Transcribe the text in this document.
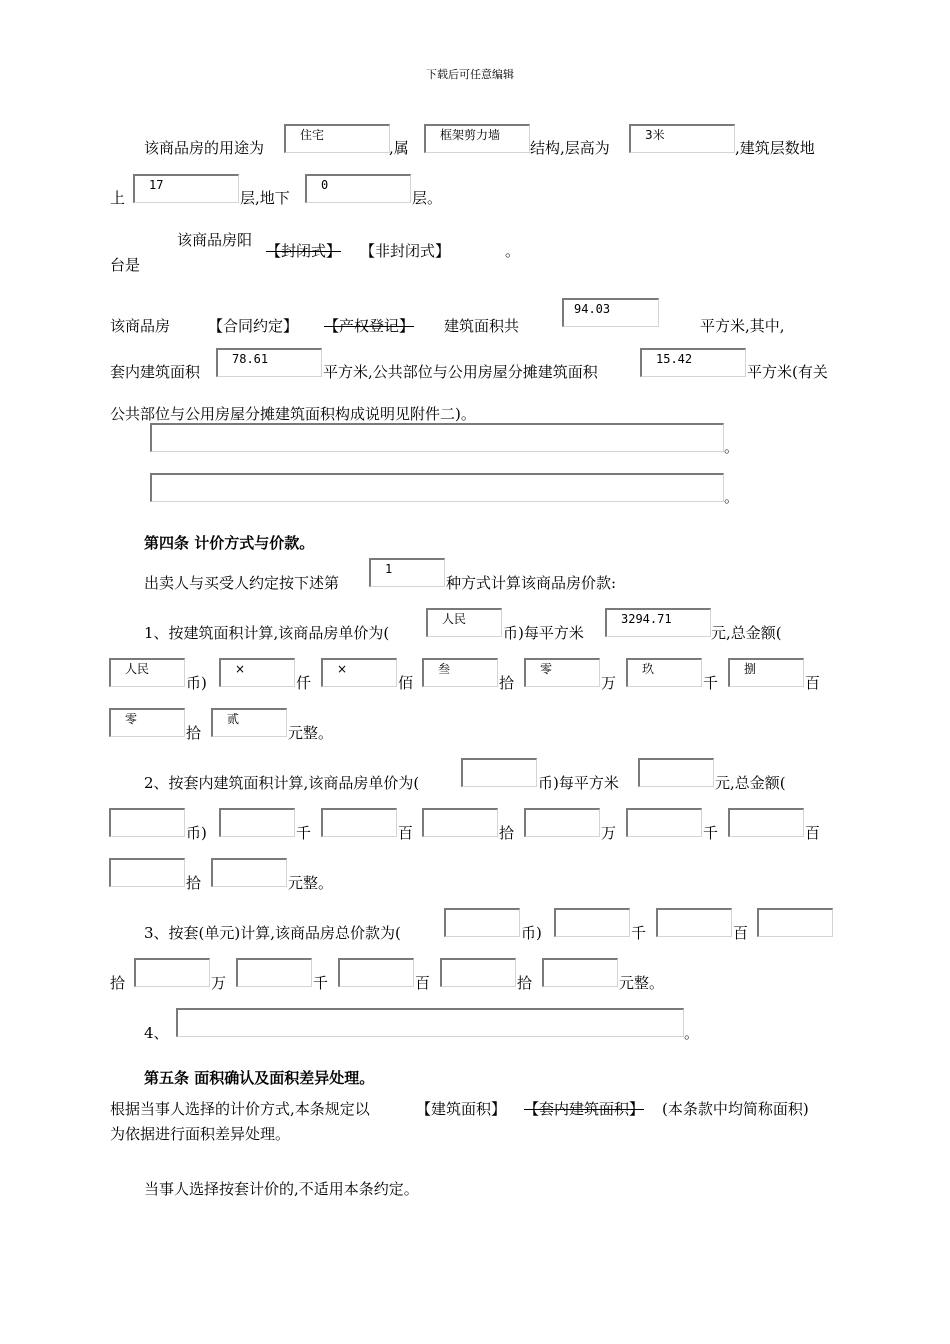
下载后可任意编辑
该商品房的用途为
住宅
,属
框架剪力墙
结构,层高为
3米
,建筑层数地
上
17
层,地下
0
层。
该商品房阳
台是
【封闭式】 【非封闭式】	。
该商品房	【合同约定】 【产权登记】 建筑面积共
94.03
平方米,其中,
套内建筑面积
78.61
平方米,公共部位与公用房屋分摊建筑面积
15.42
平方米(有关
公共部位与公用房屋分摊建筑面积构成说明见附件二)。
。
。
第四条 计价方式与价款。
出卖人与买受人约定按下述第
1
种方式计算该商品房价款:
1、按建筑面积计算,该商品房单价为(
人民
币)每平方米
3294.71
元,总金额(
人民
币)
×
仟
×
佰
叁
拾
零
万
玖
千
捌
百
零
拾
贰
元整。
2、按套内建筑面积计算,该商品房单价为(	币)每平方米	元,总金额(
币)	千	百	拾	万	千	百
拾	元整。
3、按套(单元)计算,该商品房总价款为(	币)	千	百
拾	万	千	百	拾	元整。
4、	。
第五条 面积确认及面积差异处理。
根据当事人选择的计价方式,本条规定以	【建筑面积】 【套内建筑面积】 (本条款中均简称面积)
为依据进行面积差异处理。
当事人选择按套计价的,不适用本条约定。
